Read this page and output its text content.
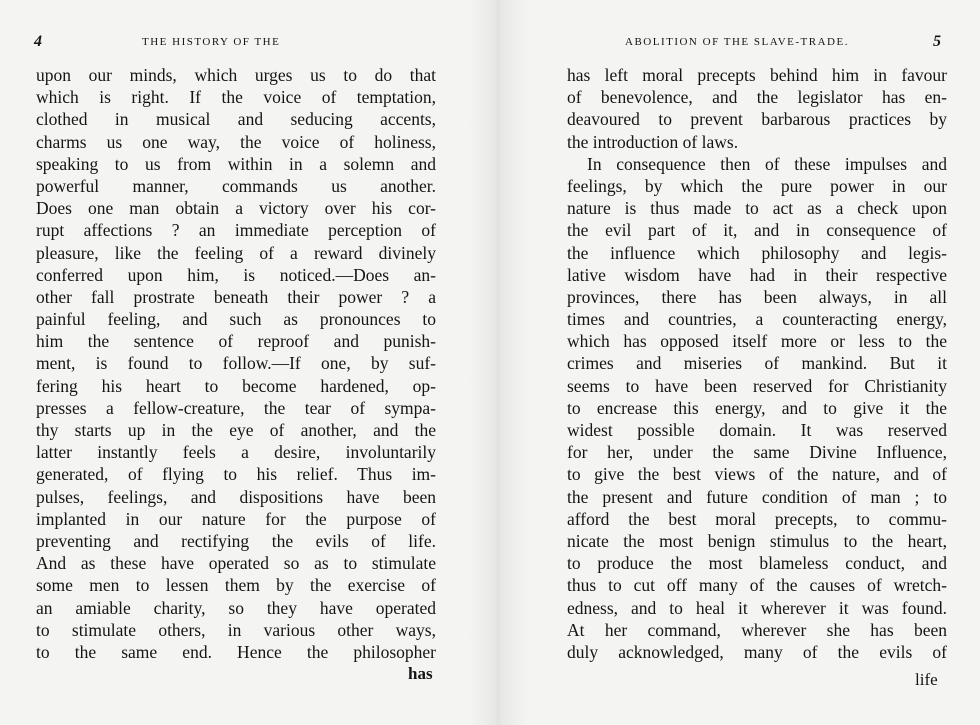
4	THE HISTORY OF THE
upon our minds, which urges us to do that
which is right. If the voice of temptation,
clothed in musical and seducing accents,
charms us one way, the voice of holiness,
speaking to us from within in a solemn and
powerful manner, commands us another.
Does one man obtain a victory over his cor-
rupt affections ? an immediate perception of
pleasure, like the feeling of a reward divinely
conferred upon him, is noticed.—Does an-
other fall prostrate beneath their power ? a
painful feeling, and such as pronounces to
him the sentence of reproof and punish-
ment, is found to follow.—If one, by suf-
fering his heart to become hardened, op-
presses a fellow-creature, the tear of sympa-
thy starts up in the eye of another, and the
latter instantly feels a desire, involuntarily
generated, of flying to his relief. Thus im-
pulses, feelings, and dispositions have been
implanted in our nature for the purpose of
preventing and rectifying the evils of life.
And as these have operated so as to stimulate
some men to lessen them by the exercise of
an amiable charity, so they have operated
to stimulate others, in various other ways,
to the same end. Hence the philosopher
has
ABOLITION OF THE SLAVE-TRADE.	5
has left moral precepts behind him in favour
of benevolence, and the legislator has en-
deavoured to prevent barbarous practices by
the introduction of laws.
In consequence then of these impulses and
feelings, by which the pure power in our
nature is thus made to act as a check upon
the evil part of it, and in consequence of
the influence which philosophy and legis-
lative wisdom have had in their respective
provinces, there has been always, in all
times and countries, a counteracting energy,
which has opposed itself more or less to the
crimes and miseries of mankind. But it
seems to have been reserved for Christianity
to encrease this energy, and to give it the
widest possible domain. It was reserved
for her, under the same Divine Influence,
to give the best views of the nature, and of
the present and future condition of man ; to
afford the best moral precepts, to commu-
nicate the most benign stimulus to the heart,
to produce the most blameless conduct, and
thus to cut off many of the causes of wretch-
edness, and to heal it wherever it was found.
At her command, wherever she has been
duly acknowledged, many of the evils of
life
